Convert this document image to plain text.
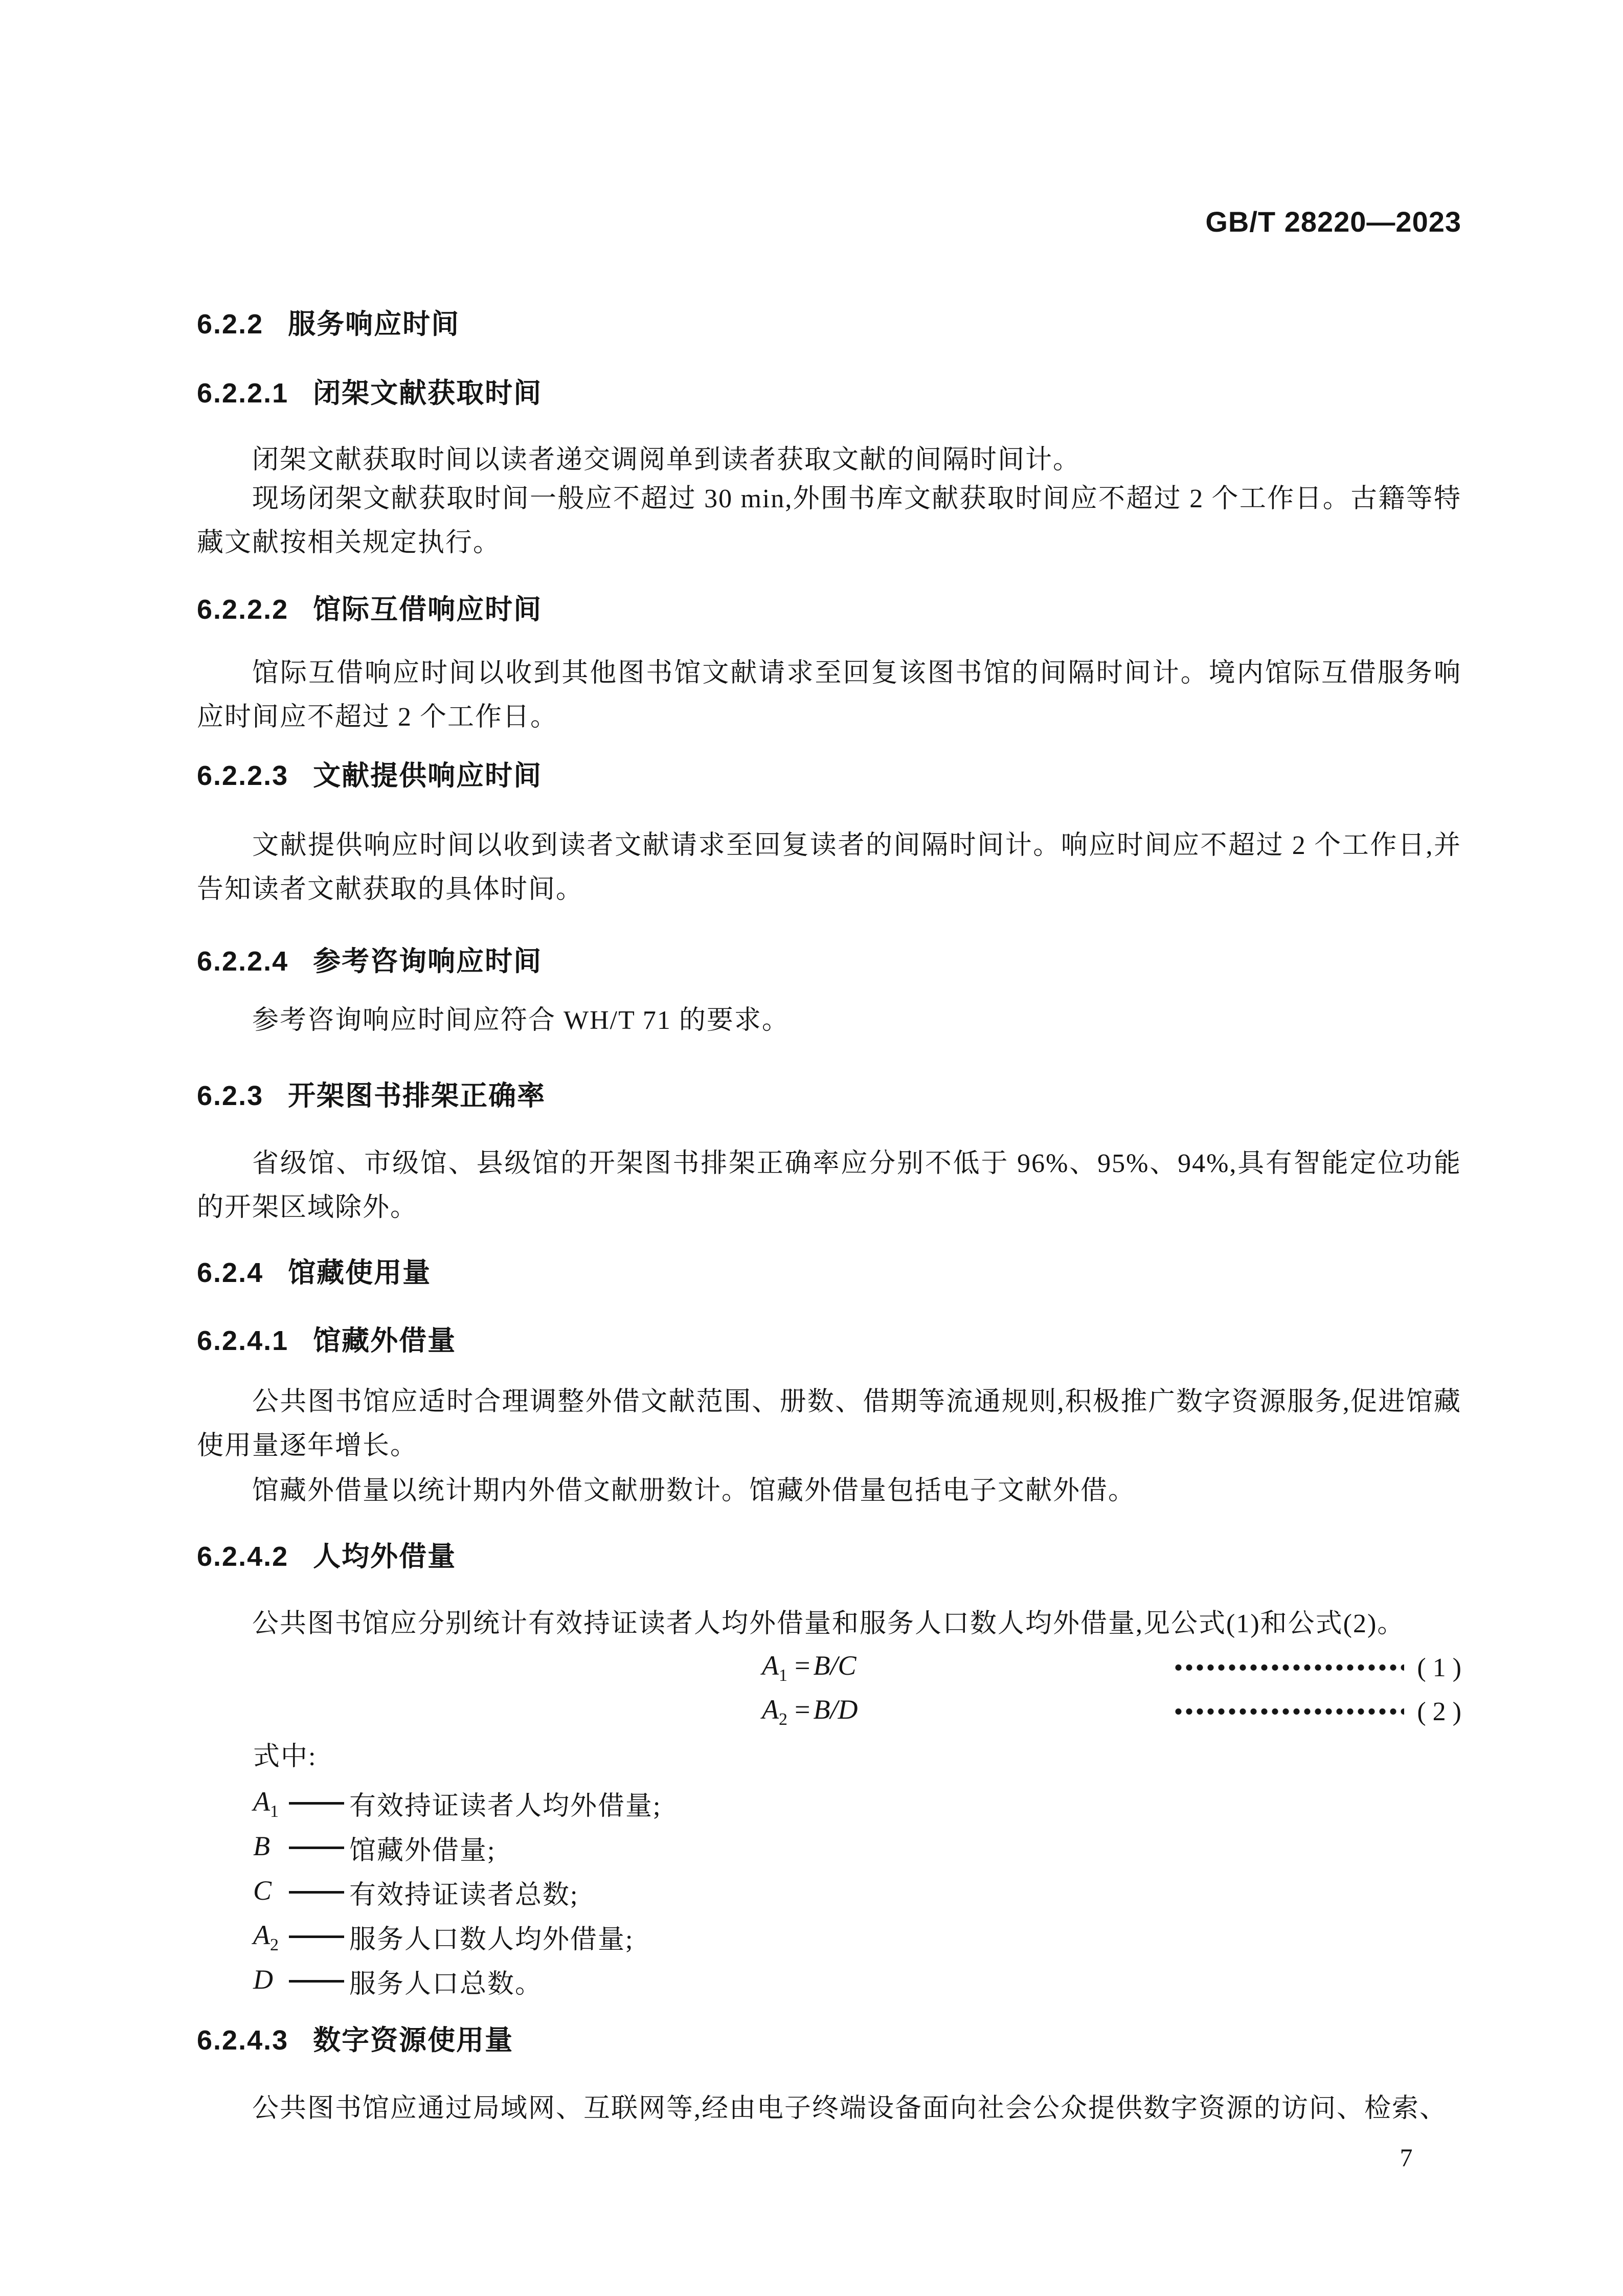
GB/T 28220—2023
6.2.2 服务响应时间
6.2.2.1 闭架文献获取时间
闭架文献获取时间以读者递交调阅单到读者获取文献的间隔时间计。
现场闭架文献获取时间一般应不超过 30 min,外围书库文献获取时间应不超过 2 个工作日。古籍等特藏文献按相关规定执行。
6.2.2.2 馆际互借响应时间
馆际互借响应时间以收到其他图书馆文献请求至回复该图书馆的间隔时间计。境内馆际互借服务响应时间应不超过 2 个工作日。
6.2.2.3 文献提供响应时间
文献提供响应时间以收到读者文献请求至回复读者的间隔时间计。响应时间应不超过 2 个工作日,并告知读者文献获取的具体时间。
6.2.2.4 参考咨询响应时间
参考咨询响应时间应符合 WH/T 71 的要求。
6.2.3 开架图书排架正确率
省级馆、市级馆、县级馆的开架图书排架正确率应分别不低于 96%、95%、94%,具有智能定位功能的开架区域除外。
6.2.4 馆藏使用量
6.2.4.1 馆藏外借量
公共图书馆应适时合理调整外借文献范围、册数、借期等流通规则,积极推广数字资源服务,促进馆藏使用量逐年增长。
馆藏外借量以统计期内外借文献册数计。馆藏外借量包括电子文献外借。
6.2.4.2 人均外借量
公共图书馆应分别统计有效持证读者人均外借量和服务人口数人均外借量,见公式(1)和公式(2)。
$A_1 = B/C$	( 1 )
$A_2 = B/D$	( 2 )
式中:
$A_1$	有效持证读者人均外借量;
B	馆藏外借量;
C	有效持证读者总数;
$A_2$	服务人口数人均外借量;
D	服务人口总数。
6.2.4.3 数字资源使用量
公共图书馆应通过局域网、互联网等,经由电子终端设备面向社会公众提供数字资源的访问、检索、
7
